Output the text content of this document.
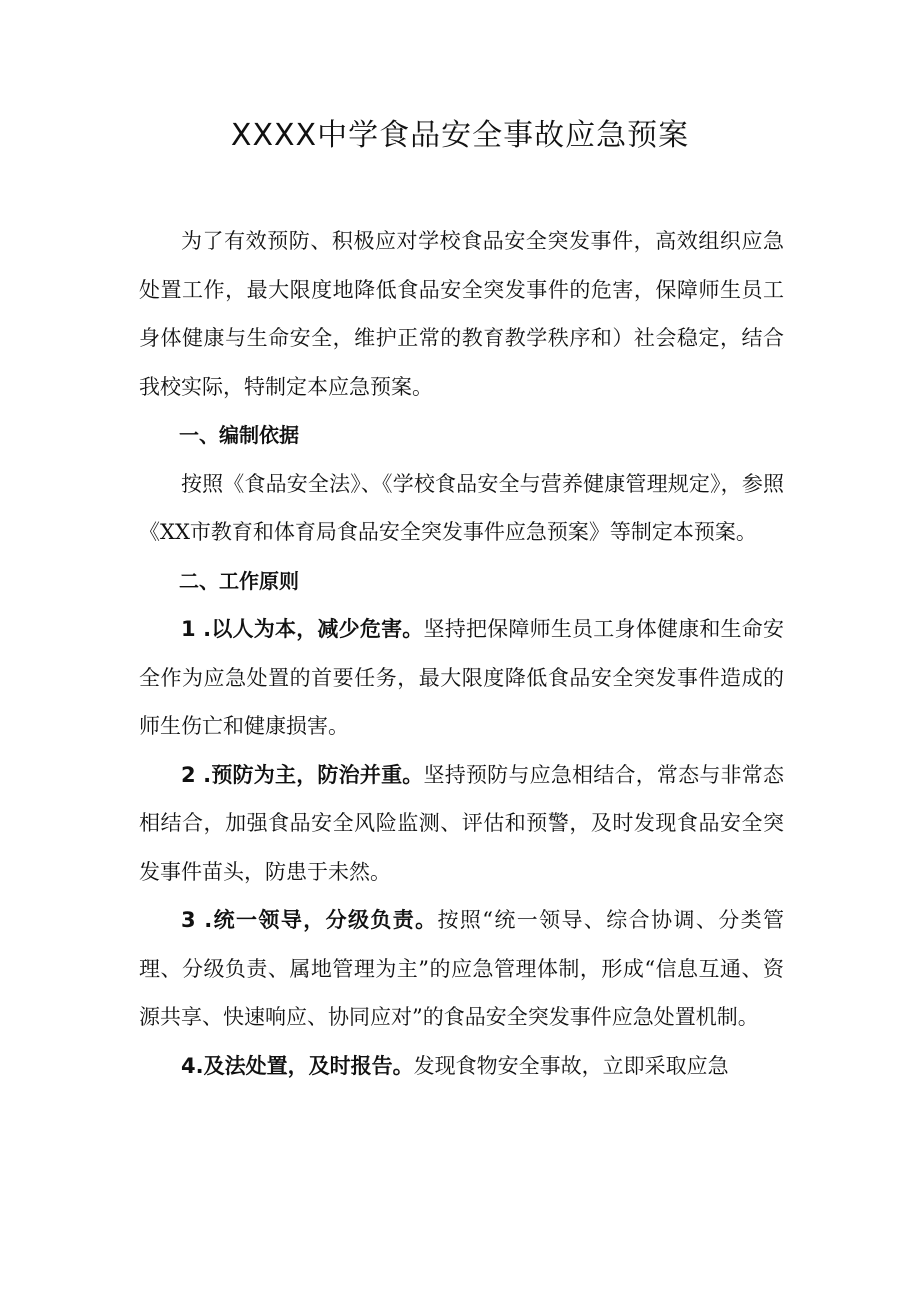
XXXX中学食品安全事故应急预案

为了有效预防、积极应对学校食品安全突发事件，高效组织应急处置工作，最大限度地降低食品安全突发事件的危害，保障师生员工身体健康与生命安全，维护正常的教育教学秩序和）社会稳定，结合我校实际，特制定本应急预案。

一、编制依据

按照《食品安全法》、《学校食品安全与营养健康管理规定》，参照《XX市教育和体育局食品安全突发事件应急预案》等制定本预案。

二、工作原则

1 .以人为本，减少危害。坚持把保障师生员工身体健康和生命安全作为应急处置的首要任务，最大限度降低食品安全突发事件造成的师生伤亡和健康损害。

2 .预防为主，防治并重。坚持预防与应急相结合，常态与非常态相结合，加强食品安全风险监测、评估和预警，及时发现食品安全突发事件苗头，防患于未然。

3 .统一领导，分级负责。按照“统一领导、综合协调、分类管理、分级负责、属地管理为主”的应急管理体制，形成“信息互通、资源共享、快速响应、协同应对”的食品安全突发事件应急处置机制。

4.及法处置，及时报告。发现食物安全事故，立即采取应急
